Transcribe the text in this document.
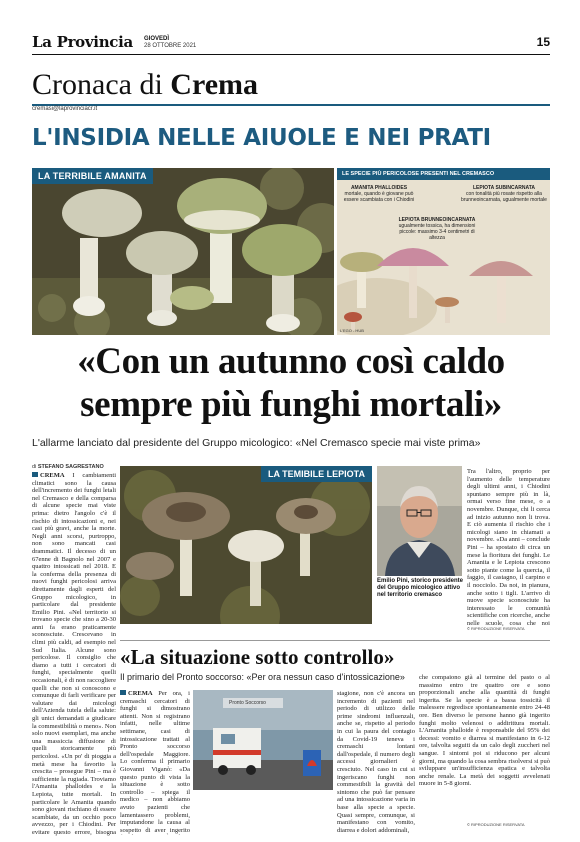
La Provincia GIOVEDÌ
28 OTTOBRE 2021	15
Cronaca di Crema
cremasi@laprovinciacr.it
L'INSIDIA NELLE AIUOLE E NEI PRATI
LA TERRIBILE AMANITA	LE SPECIE PIÙ PERICOLOSE PRESENTI NEL CREMASCO
AMANITA PHALLOIDES
mortale, quando è giovane può essere scambiata con i Chiodini
LEPIOTA SUBINCARNATA
con tonalità più rosate rispetto alla brunneoincarnata, ugualmente mortale
LEPIOTA BRUNNEOINCARNATA
ugualmente tossica, ha dimensioni piccole: massimo 3-4 centimetri di altezza
L'EGO - HUB
«Con un autunno così caldo sempre più funghi mortali»
L'allarme lanciato dal presidente del Gruppo micologico: «Nel Cremasco specie mai viste prima»
di STEFANO SAGRESTANO
CREMA I cambiamenti climatici sono la causa dell'incremento dei funghi letali nel Cremasco e della comparsa di alcune specie mai viste prima: dietro l'angolo c'è il rischio di intossicazioni e, nei casi più gravi, anche la morte. Negli anni scorsi, purtroppo, non sono mancati casi drammatici. Il decesso di un 67enne di Bagnolo nel 2007 e quattro intossicati nel 2018. E la conferma della presenza di nuovi funghi pericolosi arriva direttamente dagli esperti del Gruppo micologico, in particolare dal presidente Emilio Pini. «Nel territorio si trovano specie che sino a 20-30 anni fa erano praticamente sconosciute. Crescevano in climi più caldi, ad esempio nel Sud Italia. Alcune sono pericolose. Il consiglio che diamo a tutti i cercatori di funghi, specialmente quelli occasionali, è di non raccogliere quelli che non si conoscono e comunque di farli verificare per valutare dai micologi dell'Azienda tutela della salute: gli unici demandati a giudicare la commestibilità o meno». Non solo nuovi esemplari, ma anche una massiccia diffusione di quelli storicamente più pericolosi. «Un po' di pioggia a metà mese ha favorito la crescita – prosegue Pini – ma è sufficiente la rugiada. Troviamo l'Amanita phalloides e la Lepiota, tutte mortali. In particolare le Amanita quando sono giovani rischiano di essere scambiate, da un occhio poco avvezzo, per i Chiodini. Per evitare questo errore, bisogna
LA TEMIBILE LEPIOTA
Emilio Pini, storico presidente del Gruppo micologico attivo nel territorio cremasco
Tra l'altro, proprio per l'aumento delle temperature degli ultimi anni, i Chiodini spuntano sempre più in là, ormai verso fine mese, o a novembre. Dunque, chi li cerca ad inizio autunno non li trova. E ciò aumenta il rischio che i micologi siano in chiamati a novembre. «Da anni – conclude Pini – ha spostato di circa un mese la fioritura dei funghi. Le Amanita e le Lepiota crescono sotto piante come la quercia, il faggio, il castagno, il carpino e il nocciolo. Da noi, in pianura, anche sotto i tigli. L'arrivo di nuove specie sconosciute ha interessato le comunità scientifiche con ricerche, anche nelle scuole, cosa che noi
© RIPRODUZIONE RISERVATA
«La situazione sotto controllo»
Il primario del Pronto soccorso: «Per ora nessun caso d'intossicazione»
CREMA Per ora, i cremaschi cercatori di funghi si dimostrano attenti. Non si registrano infatti, nelle ultime settimane, casi di intossicazione trattati al Pronto soccorso dell'ospedale Maggiore. Lo conferma il primario Giovanni Viganò: «Da questo punto di vista la situazione è sotto controllo – spiega il medico – non abbiamo avuto pazienti che lamentassero problemi, imputandone la causa al sospetto di aver ingerito
Pronto Soccorso
stagione, non c'è ancora un incremento di pazienti nel periodo di utilizzo delle prime sindromi influenzali, anche se, rispetto al periodo in cui la paura del contagio da Covid-19 teneva i cremaschi lontani dall'ospedale, il numero degli accessi giornalieri è cresciuto. Nel caso in cui si ingeriscano funghi non commestibili la gravità del sintomo che può far pensare ad una intossicazione varia in base alla specie a specie. Quasi sempre, comunque, si manifestano con vomito, diarrea e dolori addominali,
che compaiono già al termine del pasto o al massimo entro tre quattro ore e sono proporzionali anche alla quantità di funghi ingerita. Se la specie è a bassa tossicità il malessere regredisce spontaneamente entro 24-48 ore. Ben diverso le persone hanno già ingerito funghi molto velenosi o addirittura mortali. L'Amanita phalloide è responsabile del 95% dei decessi: vomito e diarrea si manifestano in 6-12 ore, talvolta seguiti da un calo degli zuccheri nel sangue. I sintomi poi si riducono per alcuni giorni, ma quando la cosa sembra risolversi si può sviluppare un'insufficienza epatica e talvolta anche renale. La metà dei soggetti avvelenati muore in 5-8 giorni.
© RIPRODUZIONE RISERVATA
